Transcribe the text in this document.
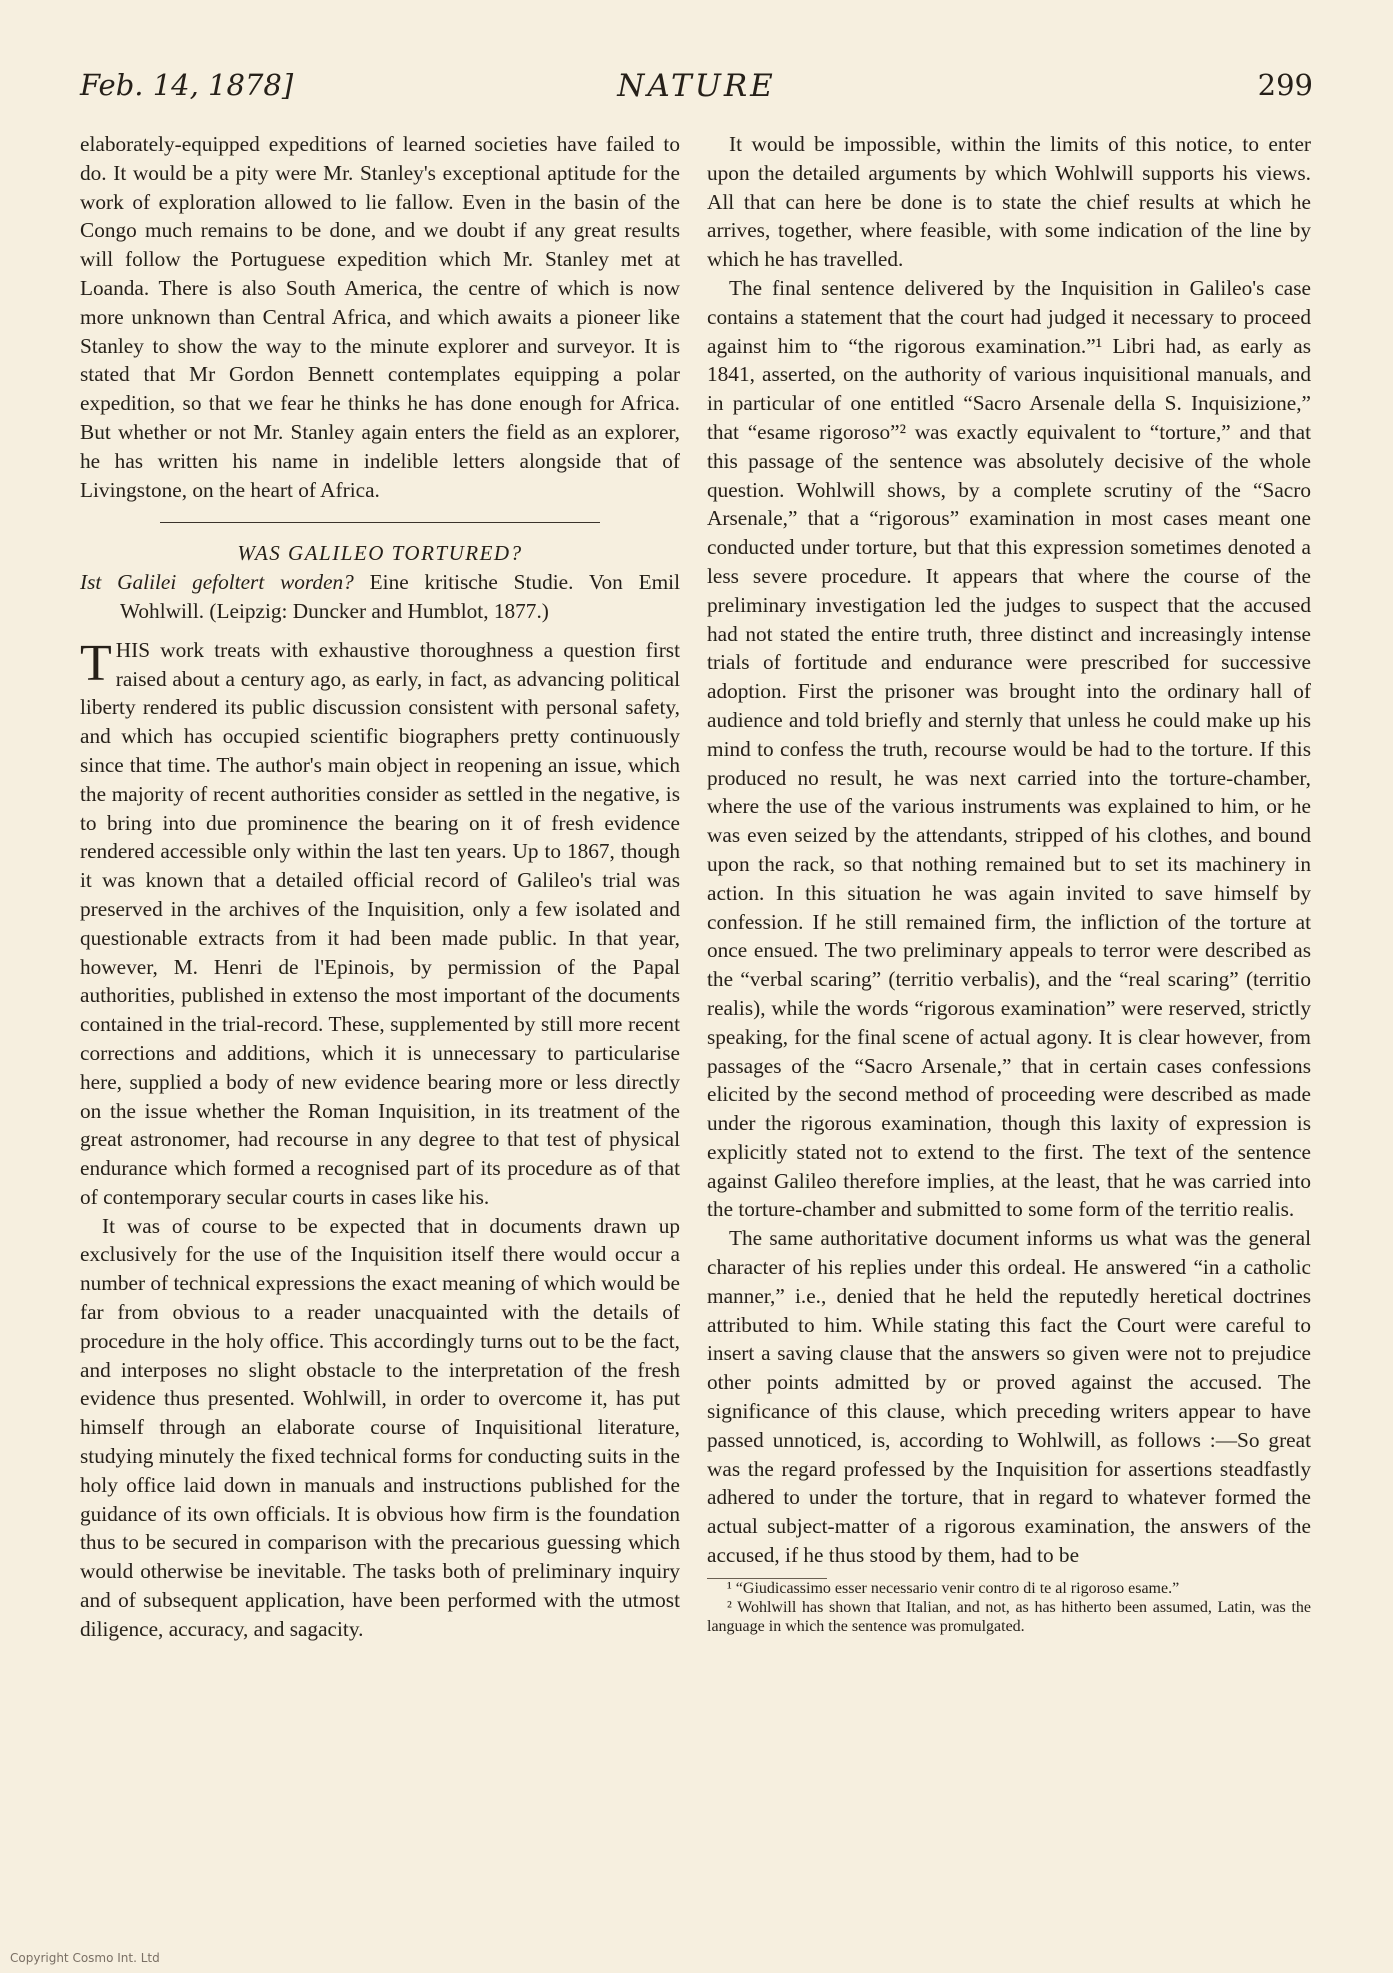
Feb. 14, 1878]	NATURE	299

elaborately-equipped expeditions of learned societies have failed to do. It would be a pity were Mr. Stanley's exceptional aptitude for the work of exploration allowed to lie fallow. Even in the basin of the Congo much remains to be done, and we doubt if any great results will follow the Portuguese expedition which Mr. Stanley met at Loanda. There is also South America, the centre of which is now more unknown than Central Africa, and which awaits a pioneer like Stanley to show the way to the minute explorer and surveyor. It is stated that Mr Gordon Bennett contemplates equipping a polar expedition, so that we fear he thinks he has done enough for Africa. But whether or not Mr. Stanley again enters the field as an explorer, he has written his name in indelible letters alongside that of Livingstone, on the heart of Africa.

WAS GALILEO TORTURED?

Ist Galilei gefoltert worden? Eine kritische Studie. Von Emil Wohlwill. (Leipzig: Duncker and Humblot, 1877.)

THIS work treats with exhaustive thoroughness a question first raised about a century ago, as early, in fact, as advancing political liberty rendered its public discussion consistent with personal safety, and which has occupied scientific biographers pretty continuously since that time. The author's main object in reopening an issue, which the majority of recent authorities consider as settled in the negative, is to bring into due prominence the bearing on it of fresh evidence rendered accessible only within the last ten years. Up to 1867, though it was known that a detailed official record of Galileo's trial was preserved in the archives of the Inquisition, only a few isolated and questionable extracts from it had been made public. In that year, however, M. Henri de l'Epinois, by permission of the Papal authorities, published in extenso the most important of the documents contained in the trial-record. These, supplemented by still more recent corrections and additions, which it is unnecessary to particularise here, supplied a body of new evidence bearing more or less directly on the issue whether the Roman Inquisition, in its treatment of the great astronomer, had recourse in any degree to that test of physical endurance which formed a recognised part of its procedure as of that of contemporary secular courts in cases like his.

It was of course to be expected that in documents drawn up exclusively for the use of the Inquisition itself there would occur a number of technical expressions the exact meaning of which would be far from obvious to a reader unacquainted with the details of procedure in the holy office. This accordingly turns out to be the fact, and interposes no slight obstacle to the interpretation of the fresh evidence thus presented. Wohlwill, in order to overcome it, has put himself through an elaborate course of Inquisitional literature, studying minutely the fixed technical forms for conducting suits in the holy office laid down in manuals and instructions published for the guidance of its own officials. It is obvious how firm is the foundation thus to be secured in comparison with the precarious guessing which would otherwise be inevitable. The tasks both of preliminary inquiry and of subsequent application, have been performed with the utmost diligence, accuracy, and sagacity.

It would be impossible, within the limits of this notice, to enter upon the detailed arguments by which Wohlwill supports his views. All that can here be done is to state the chief results at which he arrives, together, where feasible, with some indication of the line by which he has travelled.

The final sentence delivered by the Inquisition in Galileo's case contains a statement that the court had judged it necessary to proceed against him to “the rigorous examination.”¹ Libri had, as early as 1841, asserted, on the authority of various inquisitional manuals, and in particular of one entitled “Sacro Arsenale della S. Inquisizione,” that “esame rigoroso”² was exactly equivalent to “torture,” and that this passage of the sentence was absolutely decisive of the whole question. Wohlwill shows, by a complete scrutiny of the “Sacro Arsenale,” that a “rigorous” examination in most cases meant one conducted under torture, but that this expression sometimes denoted a less severe procedure. It appears that where the course of the preliminary investigation led the judges to suspect that the accused had not stated the entire truth, three distinct and increasingly intense trials of fortitude and endurance were prescribed for successive adoption. First the prisoner was brought into the ordinary hall of audience and told briefly and sternly that unless he could make up his mind to confess the truth, recourse would be had to the torture. If this produced no result, he was next carried into the torture-chamber, where the use of the various instruments was explained to him, or he was even seized by the attendants, stripped of his clothes, and bound upon the rack, so that nothing remained but to set its machinery in action. In this situation he was again invited to save himself by confession. If he still remained firm, the infliction of the torture at once ensued. The two preliminary appeals to terror were described as the “verbal scaring” (territio verbalis), and the “real scaring” (territio realis), while the words “rigorous examination” were reserved, strictly speaking, for the final scene of actual agony. It is clear however, from passages of the “Sacro Arsenale,” that in certain cases confessions elicited by the second method of proceeding were described as made under the rigorous examination, though this laxity of expression is explicitly stated not to extend to the first. The text of the sentence against Galileo therefore implies, at the least, that he was carried into the torture-chamber and submitted to some form of the territio realis.

The same authoritative document informs us what was the general character of his replies under this ordeal. He answered “in a catholic manner,” i.e., denied that he held the reputedly heretical doctrines attributed to him. While stating this fact the Court were careful to insert a saving clause that the answers so given were not to prejudice other points admitted by or proved against the accused. The significance of this clause, which preceding writers appear to have passed unnoticed, is, according to Wohlwill, as follows :—So great was the regard professed by the Inquisition for assertions steadfastly adhered to under the torture, that in regard to whatever formed the actual subject-matter of a rigorous examination, the answers of the accused, if he thus stood by them, had to be

¹ “Giudicassimo esser necessario venir contro di te al rigoroso esame.”

² Wohlwill has shown that Italian, and not, as has hitherto been assumed, Latin, was the language in which the sentence was promulgated.

Copyright Cosmo Int. Ltd
